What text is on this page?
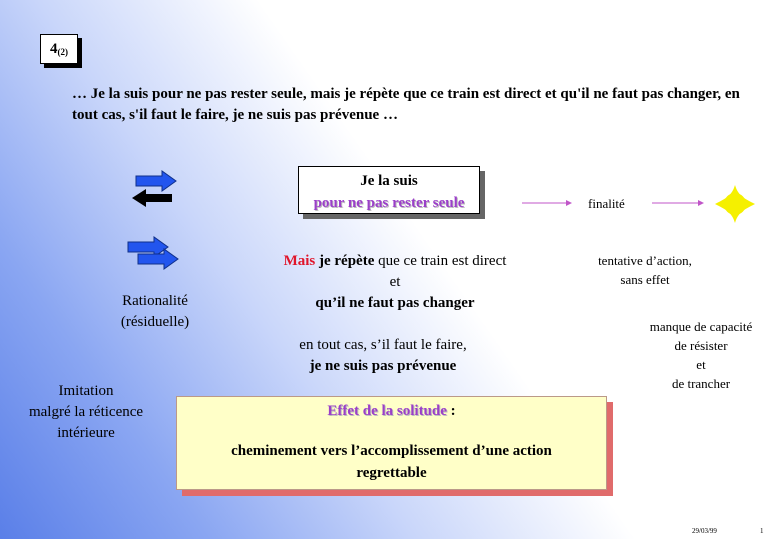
$4_{(2)}$
… Je la suis pour ne pas rester seule, mais je répète que ce train est direct et qu'il ne faut pas changer, en tout cas, s'il faut le faire, je ne suis pas prévenue …
Je la suis
pour ne pas rester seule	finalité
Mais je répète que ce train est direct
et
qu’il ne faut pas changer
en tout cas, s’il faut le faire,
je ne suis pas prévenue
tentative d’action,
sans effet
Rationalité
(résiduelle)	manque de capacité
de résister
et
de trancher
Imitation
malgré la réticence
intérieure
Effet de la solitude :
cheminement vers l’accomplissement d’une action
regrettable
29/03/99	1
